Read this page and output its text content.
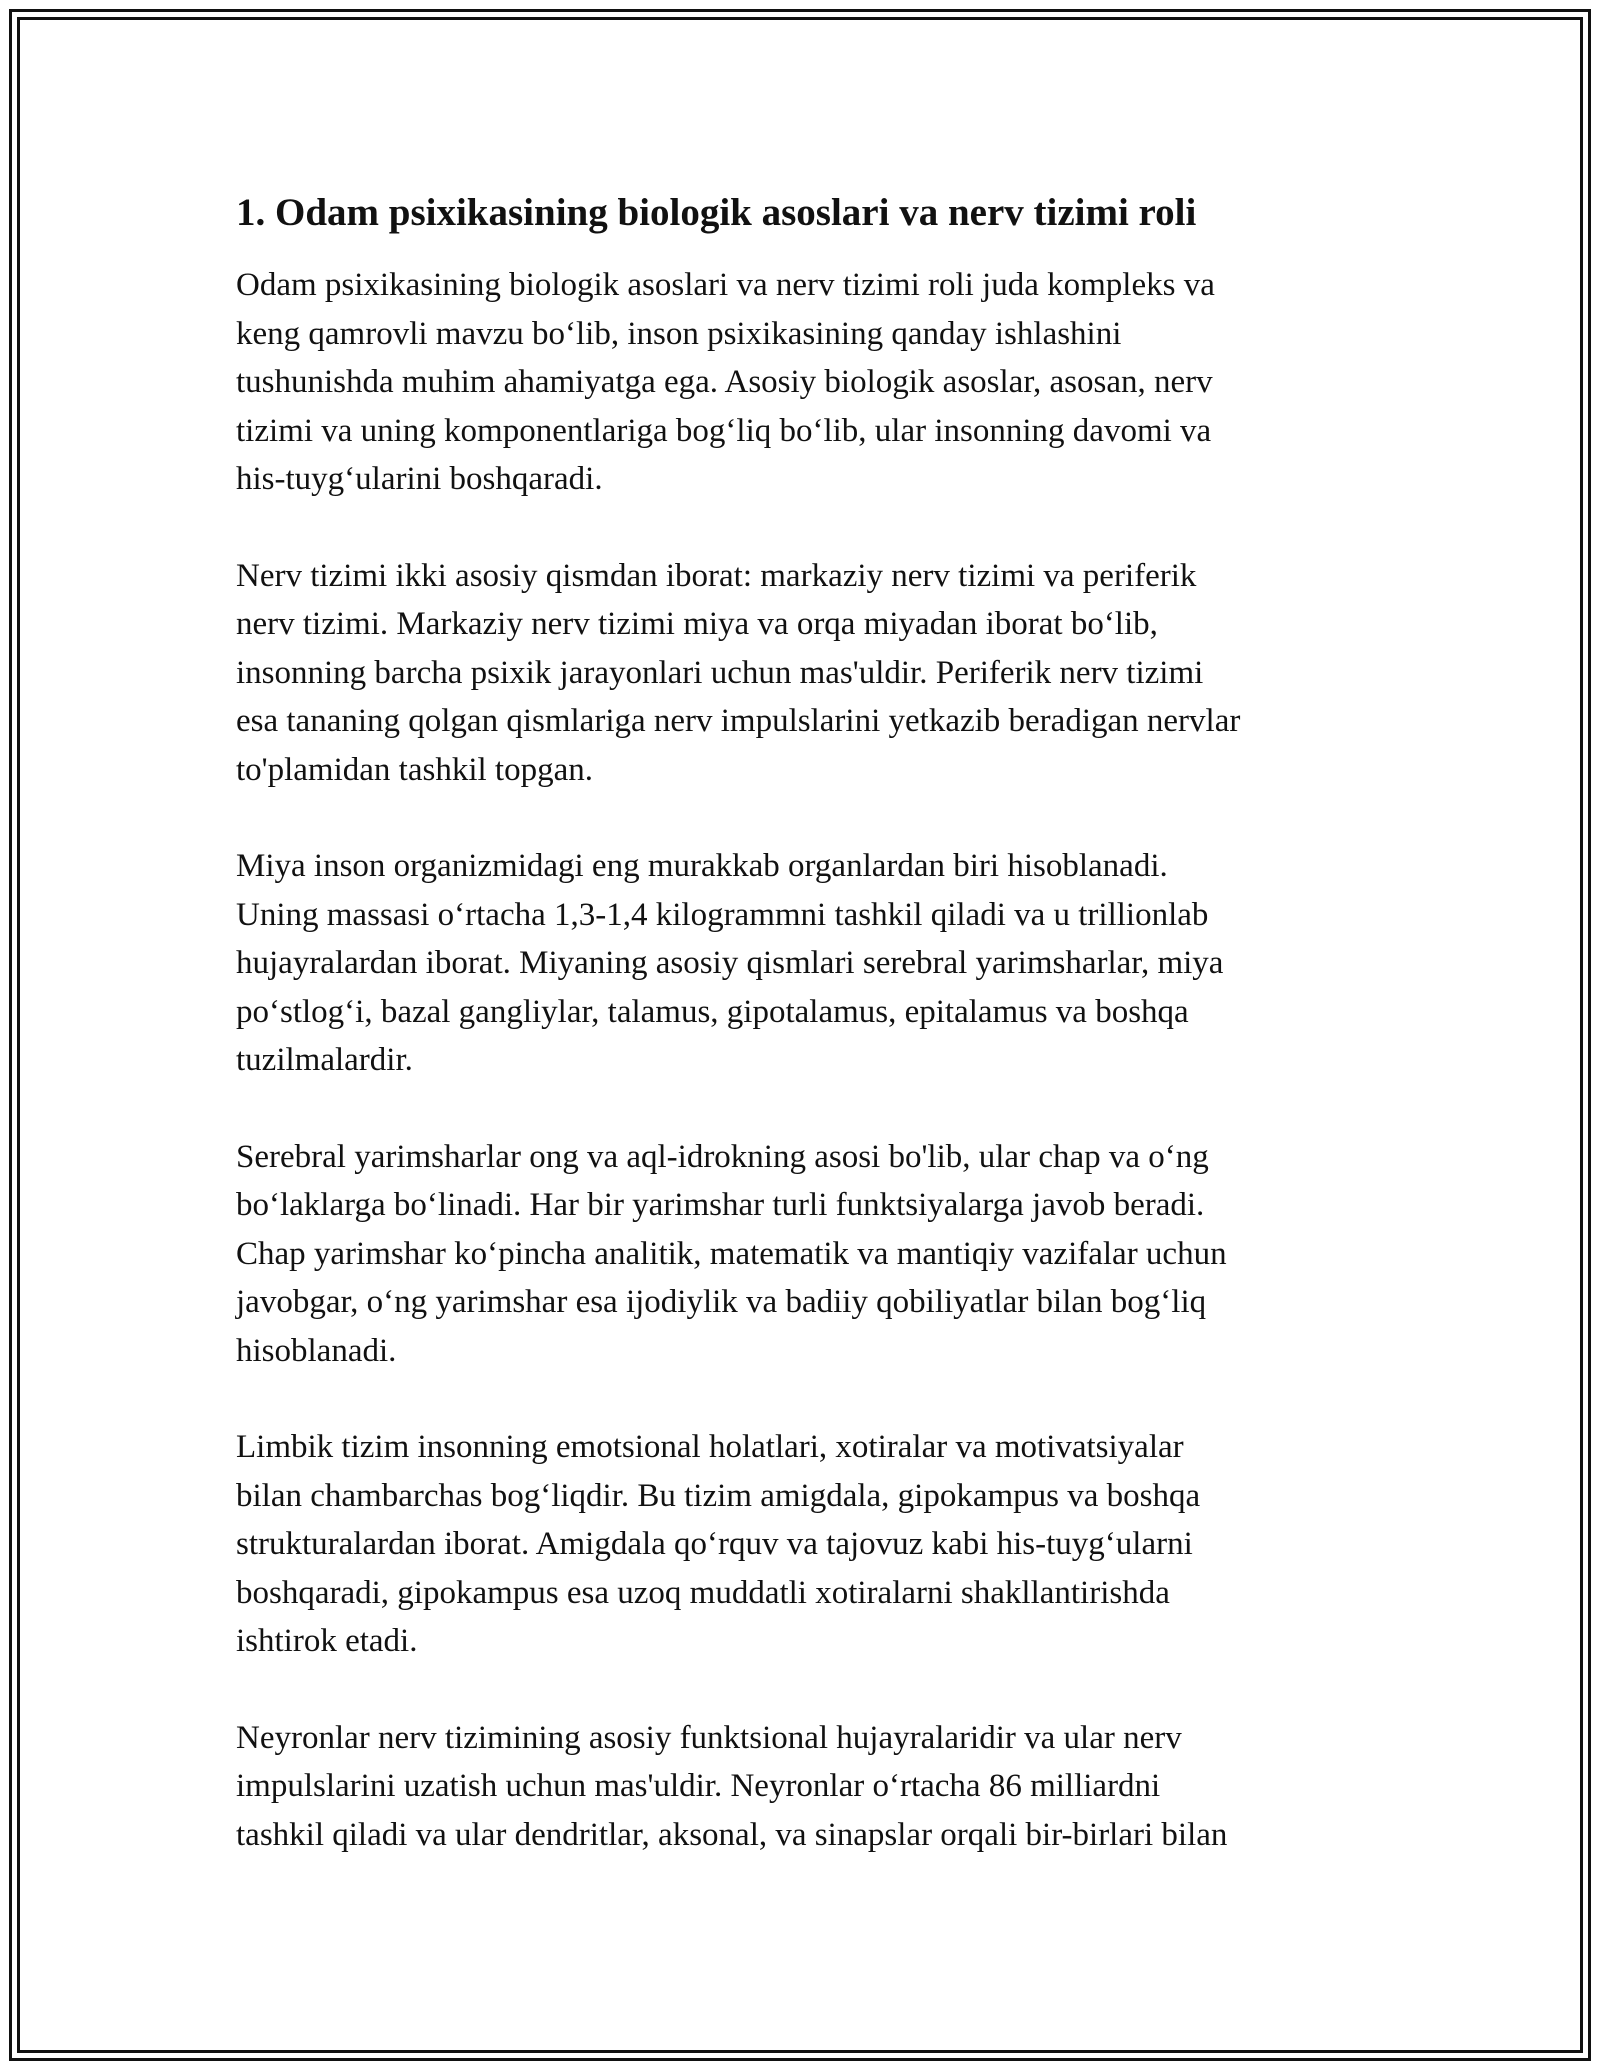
1. Odam psixikasining biologik asoslari va nerv tizimi roli

Odam psixikasining biologik asoslari va nerv tizimi roli juda kompleks va
keng qamrovli mavzu bo‘lib, inson psixikasining qanday ishlashini
tushunishda muhim ahamiyatga ega. Asosiy biologik asoslar, asosan, nerv
tizimi va uning komponentlariga bog‘liq bo‘lib, ular insonning davomi va
his-tuyg‘ularini boshqaradi.

Nerv tizimi ikki asosiy qismdan iborat: markaziy nerv tizimi va periferik
nerv tizimi. Markaziy nerv tizimi miya va orqa miyadan iborat bo‘lib,
insonning barcha psixik jarayonlari uchun mas'uldir. Periferik nerv tizimi
esa tananing qolgan qismlariga nerv impulslarini yetkazib beradigan nervlar
to'plamidan tashkil topgan.

Miya inson organizmidagi eng murakkab organlardan biri hisoblanadi.
Uning massasi o‘rtacha 1,3-1,4 kilogrammni tashkil qiladi va u trillionlab
hujayralardan iborat. Miyaning asosiy qismlari serebral yarimsharlar, miya
po‘stlog‘i, bazal gangliylar, talamus, gipotalamus, epitalamus va boshqa
tuzilmalardir.

Serebral yarimsharlar ong va aql-idrokning asosi bo'lib, ular chap va o‘ng
bo‘laklarga bo‘linadi. Har bir yarimshar turli funktsiyalarga javob beradi.
Chap yarimshar ko‘pincha analitik, matematik va mantiqiy vazifalar uchun
javobgar, o‘ng yarimshar esa ijodiylik va badiiy qobiliyatlar bilan bog‘liq
hisoblanadi.

Limbik tizim insonning emotsional holatlari, xotiralar va motivatsiyalar
bilan chambarchas bog‘liqdir. Bu tizim amigdala, gipokampus va boshqa
strukturalardan iborat. Amigdala qo‘rquv va tajovuz kabi his-tuyg‘ularni
boshqaradi, gipokampus esa uzoq muddatli xotiralarni shakllantirishda
ishtirok etadi.

Neyronlar nerv tizimining asosiy funktsional hujayralaridir va ular nerv
impulslarini uzatish uchun mas'uldir. Neyronlar o‘rtacha 86 milliardni
tashkil qiladi va ular dendritlar, aksonal, va sinapslar orqali bir-birlari bilan
